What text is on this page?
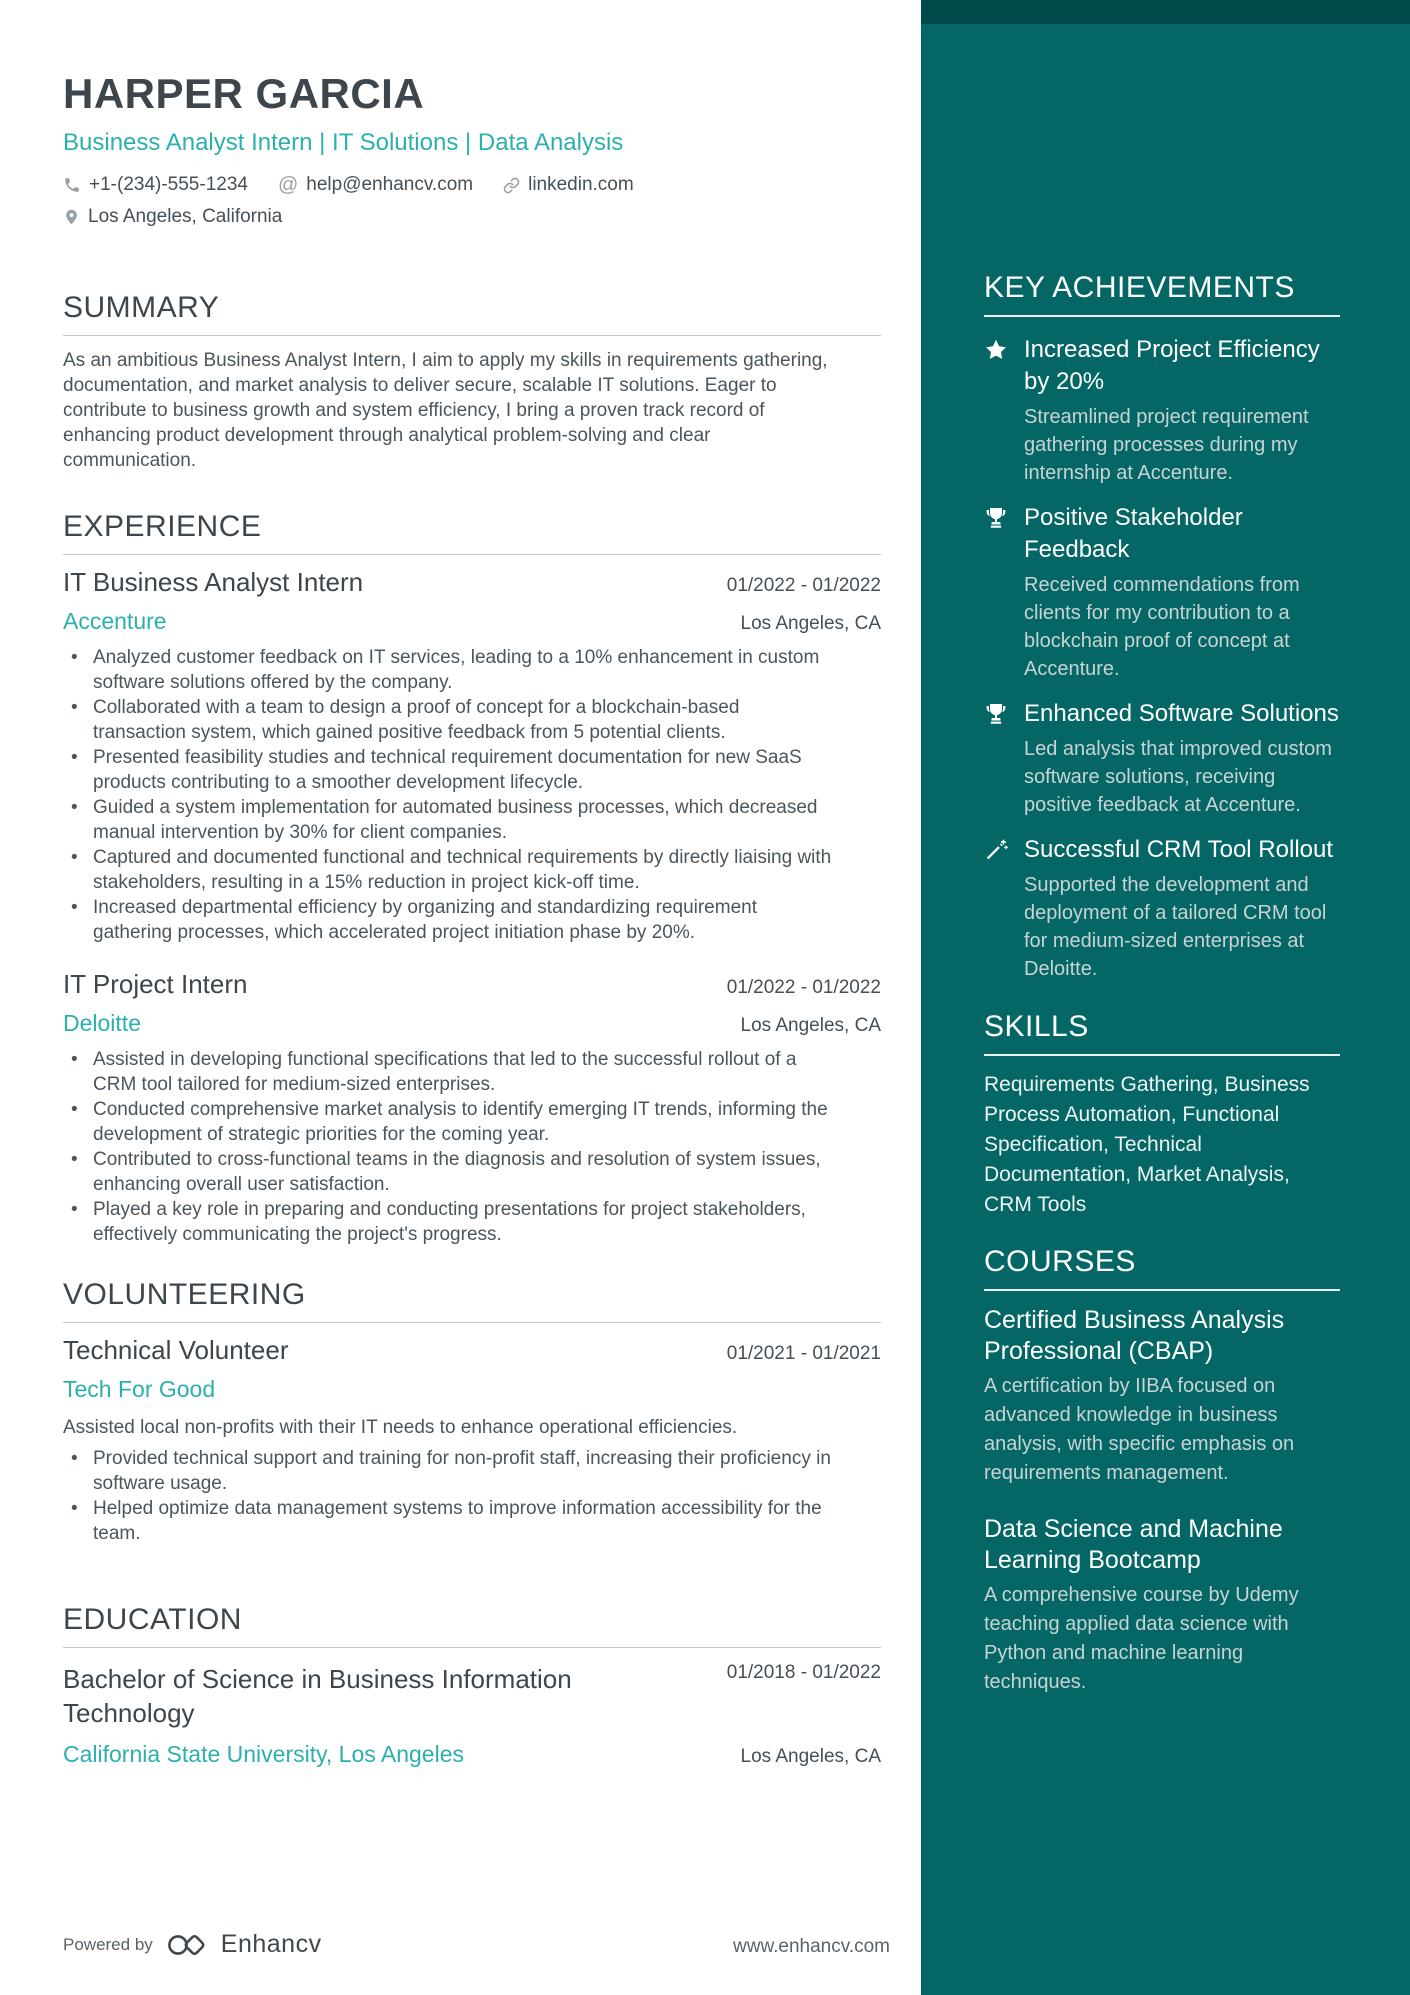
KEY ACHIEVEMENTS
Increased Project Efficiency by 20%
Streamlined project requirement gathering processes during my internship at Accenture.
Positive Stakeholder Feedback
Received commendations from clients for my contribution to a blockchain proof of concept at Accenture.
Enhanced Software Solutions
Led analysis that improved custom software solutions, receiving positive feedback at Accenture.
Successful CRM Tool Rollout
Supported the development and deployment of a tailored CRM tool for medium-sized enterprises at Deloitte.
SKILLS
Requirements Gathering, Business Process Automation, Functional Specification, Technical Documentation, Market Analysis, CRM Tools
COURSES
Certified Business Analysis Professional (CBAP)
A certification by IIBA focused on advanced knowledge in business analysis, with specific emphasis on requirements management.
Data Science and Machine Learning Bootcamp
A comprehensive course by Udemy teaching applied data science with Python and machine learning techniques.
HARPER GARCIA
Business Analyst Intern | IT Solutions | Data Analysis
+1-(234)-555-1234 @ help@enhancv.com	linkedin.com
Los Angeles, California
SUMMARY
As an ambitious Business Analyst Intern, I aim to apply my skills in requirements gathering, documentation, and market analysis to deliver secure, scalable IT solutions. Eager to contribute to business growth and system efficiency, I bring a proven track record of enhancing product development through analytical problem-solving and clear communication.
EXPERIENCE
IT Business Analyst Intern	01/2022 - 01/2022
Accenture	Los Angeles, CA
• Analyzed customer feedback on IT services, leading to a 10% enhancement in custom software solutions offered by the company.
• Collaborated with a team to design a proof of concept for a blockchain-based transaction system, which gained positive feedback from 5 potential clients.
• Presented feasibility studies and technical requirement documentation for new SaaS products contributing to a smoother development lifecycle.
• Guided a system implementation for automated business processes, which decreased manual intervention by 30% for client companies.
• Captured and documented functional and technical requirements by directly liaising with stakeholders, resulting in a 15% reduction in project kick-off time.
• Increased departmental efficiency by organizing and standardizing requirement gathering processes, which accelerated project initiation phase by 20%.
IT Project Intern	01/2022 - 01/2022
Deloitte	Los Angeles, CA
• Assisted in developing functional specifications that led to the successful rollout of a CRM tool tailored for medium-sized enterprises.
• Conducted comprehensive market analysis to identify emerging IT trends, informing the development of strategic priorities for the coming year.
• Contributed to cross-functional teams in the diagnosis and resolution of system issues, enhancing overall user satisfaction.
• Played a key role in preparing and conducting presentations for project stakeholders, effectively communicating the project's progress.
VOLUNTEERING
Technical Volunteer	01/2021 - 01/2021
Tech For Good
Assisted local non-profits with their IT needs to enhance operational efficiencies.
• Provided technical support and training for non-profit staff, increasing their proficiency in software usage.
• Helped optimize data management systems to improve information accessibility for the team.
EDUCATION
Bachelor of Science in Business Information Technology
01/2018 - 01/2022
California State University, Los Angeles	Los Angeles, CA
Powered by	Enhancv	www.enhancv.com
